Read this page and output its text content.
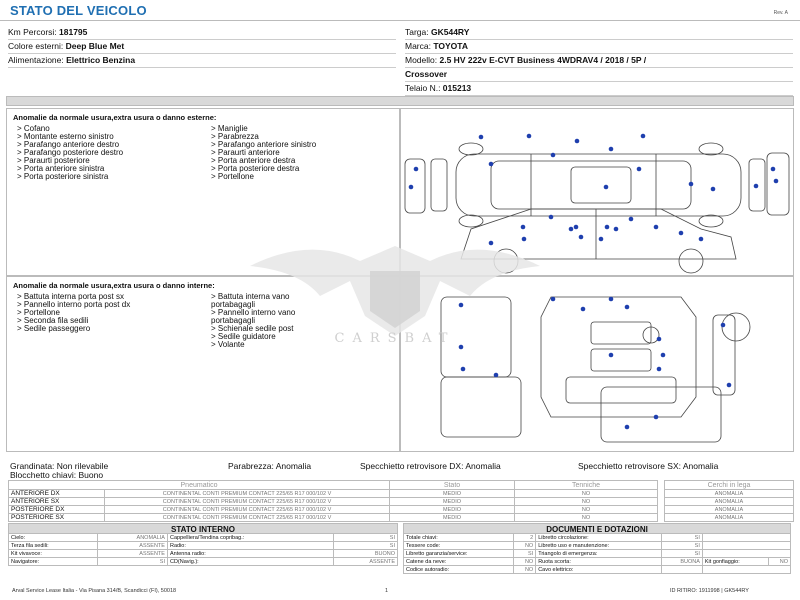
STATO DEL VEICOLO	Rev. A
Km Percorsi: 181795
Colore esterni: Deep Blue Met
Alimentazione: Elettrico Benzina
Targa: GK544RY
Marca: TOYOTA
Modello: 2.5 HV 222v E-CVT Business 4WDRAV4 / 2018 / 5P /
Crossover
Telaio N.: 015213
Anomalie da normale usura,extra usura o danno esterne:
> Cofano
> Montante esterno sinistro
> Parafango anteriore destro
> Parafango posteriore destro
> Paraurti posteriore
> Porta anteriore sinistra
> Porta posteriore sinistra
> Maniglie
> Parabrezza
> Parafango anteriore sinistro
> Paraurti anteriore
> Porta anteriore destra
> Porta posteriore destra
> Portellone
Anomalie da normale usura,extra usura o danno interne:
> Battuta interna porta post sx
> Pannello interno porta post dx
> Portellone
> Seconda fila sedili
> Sedile passeggero
> Battuta interna vano
portabagagli
> Pannello interno vano
portabagagli
> Schienale sedile post
> Sedile guidatore
> Volante	CARSBAT
Grandinata: Non rilevabile	Parabrezza: Anomalia	Specchietto retrovisore DX: Anomalia	Specchietto retrovisore SX: Anomalia
Blocchetto chiavi: Buono
Pneumatico		Stato	Tenniche
ANTERIORE DX	CONTINENTAL CONTI PREMIUM CONTACT 225/65 R17 000/102 V	MEDIO	NO
ANTERIORE SX	CONTINENTAL CONTI PREMIUM CONTACT 225/65 R17 000/102 V	MEDIO	NO
POSTERIORE DX	CONTINENTAL CONTI PREMIUM CONTACT 225/65 R17 000/102 V	MEDIO	NO
POSTERIORE SX	CONTINENTAL CONTI PREMIUM CONTACT 225/65 R17 000/102 V	MEDIO	NO
Cerchi in lega
ANOMALIA
ANOMALIA
ANOMALIA
ANOMALIA
STATO INTERNO
Cielo:	ANOMALIA	Cappelliera/Tendina copribag.:	SI
Terza fila sedili:	ASSENTE	Radio:	SI
Kit vivavoce:	ASSENTE	Antenna radio:	BUONO
Navigatore:	SI	CD(Navig.):	ASSENTE
DOCUMENTI E DOTAZIONI
Totale chiavi:	2	Libretto circolazione:	SI		
Tessere code:	NO	Libretto uso e manutenzione:	SI		
Libretto garanzia/service:	SI	Triangolo di emergenza:	SI		
Catene da neve:	NO	Ruota scorta:	BUONA	Kit gonfiaggio:	NO
Codice autoradio:	NO	Cavo elettrico:			
Arval Service Lease Italia - Via Pisana 314/B, Scandicci (FI), 50018	1	ID RITIRO: 1911998 | GK544RY
